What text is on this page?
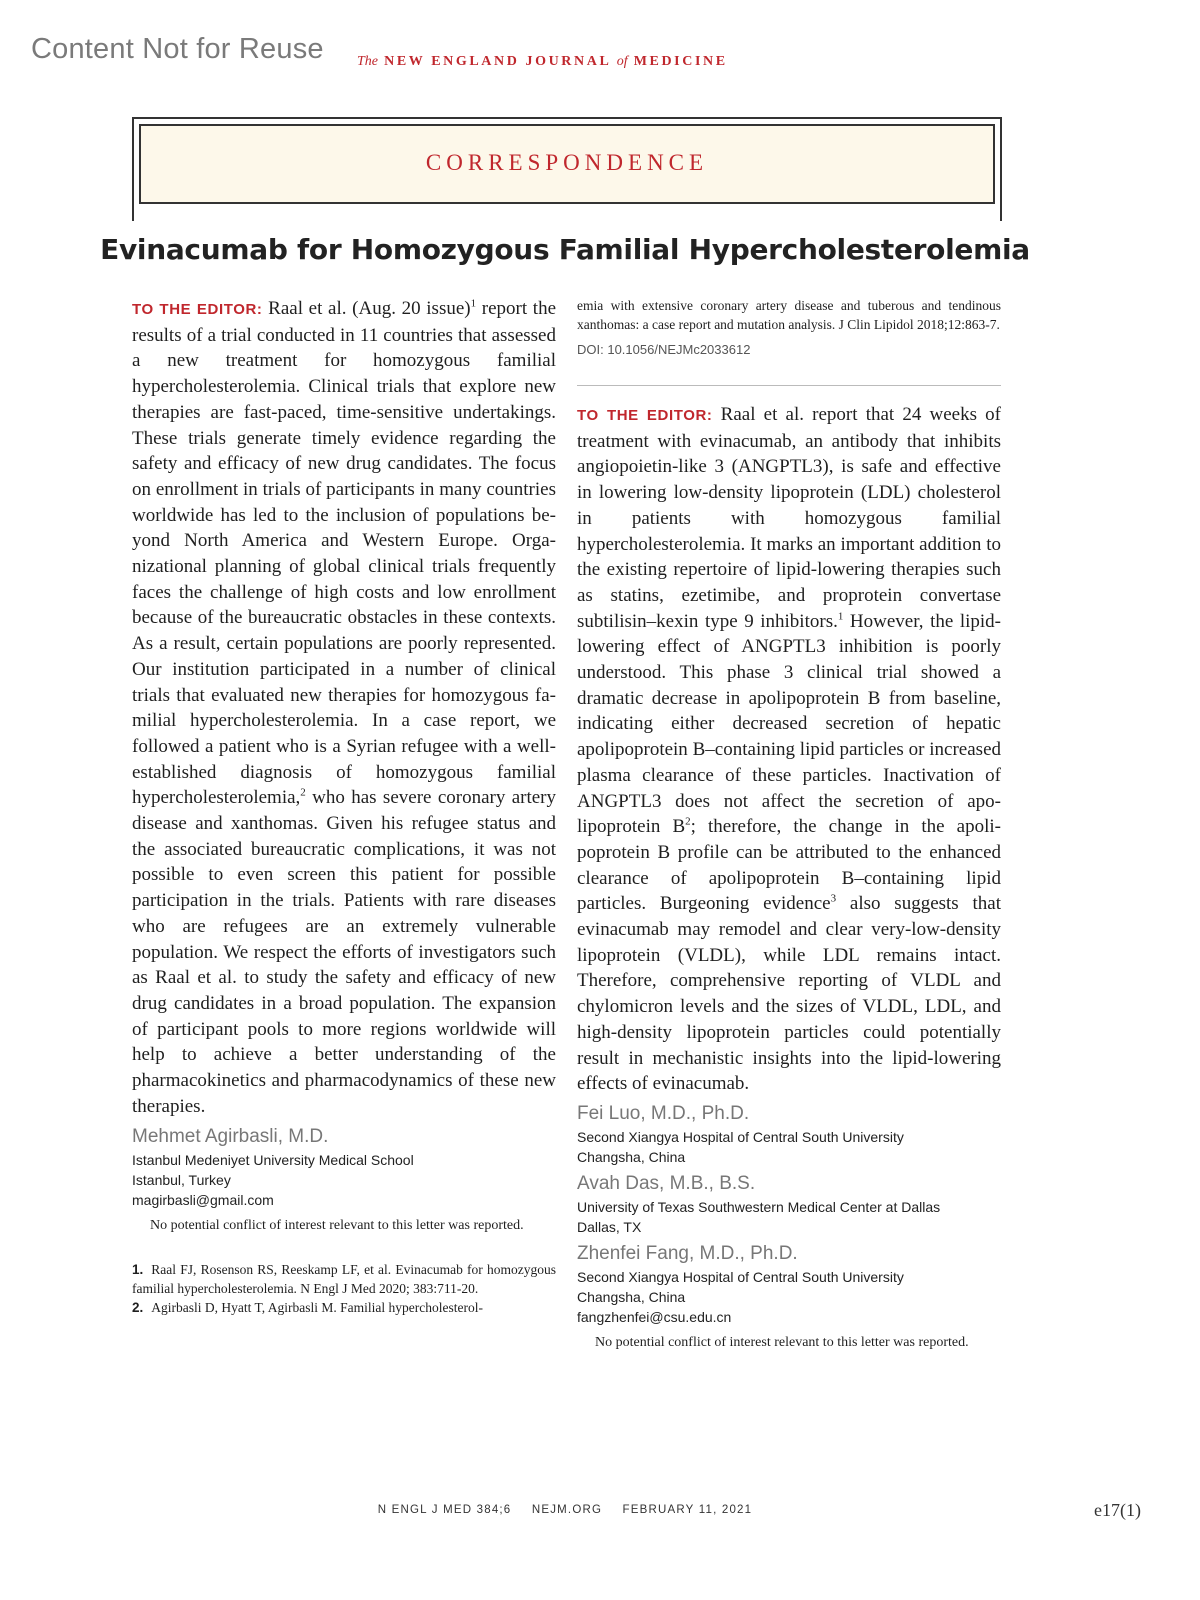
Content Not for Reuse The NEW ENGLAND JOURNAL of MEDICINE
CORRESPONDENCE
Evinacumab for Homozygous Familial Hypercholesterolemia

TO THE EDITOR: Raal et al. (Aug. 20 issue)$^1$ report the results of a trial conducted in 11 countries that assessed a new treatment for homozygous familial hypercholesterolemia. Clinical trials that explore new therapies are fast-paced, time-sensitive undertakings. These trials generate timely evidence regarding the safety and efficacy of new drug candidates. The focus on enrollment in trials of participants in many countries worldwide has led to the inclusion of populations beyond North America and Western Europe. Organizational planning of global clinical trials frequently faces the challenge of high costs and low enrollment because of the bureaucratic obstacles in these contexts. As a result, certain populations are poorly represented. Our institution participated in a number of clinical trials that evaluated new therapies for homozygous familial hypercholesterolemia. In a case report, we followed a patient who is a Syrian refugee with a well-established diagnosis of homozygous familial hypercholesterolemia,$^2$ who has severe coronary artery disease and xanthomas. Given his refugee status and the associated bureaucratic complications, it was not possible to even screen this patient for possible participation in the trials. Patients with rare diseases who are refugees are an extremely vulnerable population. We respect the efforts of investigators such as Raal et al. to study the safety and efficacy of new drug candidates in a broad population. The expansion of participant pools to more regions worldwide will help to achieve a better understanding of the pharmacokinetics and pharmacodynamics of these new therapies.

Mehmet Agirbasli, M.D.
Istanbul Medeniyet University Medical School
Istanbul, Turkey
magirbasli@gmail.com
No potential conflict of interest relevant to this letter was reported.
1. Raal FJ, Rosenson RS, Reeskamp LF, et al. Evinacumab for homozygous familial hypercholesterolemia. N Engl J Med 2020; 383:711-20.
2. Agirbasli D, Hyatt T, Agirbasli M. Familial hypercholesterol-

emia with extensive coronary artery disease and tuberous and tendinous xanthomas: a case report and mutation analysis. J Clin Lipidol 2018;12:863-7.

DOI: 10.1056/NEJMc2033612

TO THE EDITOR: Raal et al. report that 24 weeks of treatment with evinacumab, an antibody that inhibits angiopoietin-like 3 (ANGPTL3), is safe and effective in lowering low-density lipoprotein (LDL) cholesterol in patients with homozygous familial hypercholesterolemia. It marks an important addition to the existing repertoire of lipid-lowering therapies such as statins, ezetimibe, and proprotein convertase subtilisin–kexin type 9 inhibitors.$^1$ However, the lipid-lowering effect of ANGPTL3 inhibition is poorly understood. This phase 3 clinical trial showed a dramatic decrease in apolipoprotein B from baseline, indicating either decreased secretion of hepatic apolipoprotein B–containing lipid particles or increased plasma clearance of these particles. Inactivation of ANGPTL3 does not affect the secretion of apolipoprotein $B^2$; therefore, the change in the apolipoprotein B profile can be attributed to the enhanced clearance of apolipoprotein B–containing lipid particles. Burgeoning evidence$^3$ also suggests that evinacumab may remodel and clear very-low-density lipoprotein (VLDL), while LDL remains intact. Therefore, comprehensive reporting of VLDL and chylomicron levels and the sizes of VLDL, LDL, and high-density lipoprotein particles could potentially result in mechanistic insights into the lipid-lowering effects of evinacumab.

Fei Luo, M.D., Ph.D.
Second Xiangya Hospital of Central South University
Changsha, China
Avah Das, M.B., B.S.
University of Texas Southwestern Medical Center at Dallas
Dallas, TX
Zhenfei Fang, M.D., Ph.D.
Second Xiangya Hospital of Central South University
Changsha, China
fangzhenfei@csu.edu.cn
No potential conflict of interest relevant to this letter was reported.
N ENGL J MED 384;6 NEJM.ORG FEBRUARY 11, 2021	e17(1)
